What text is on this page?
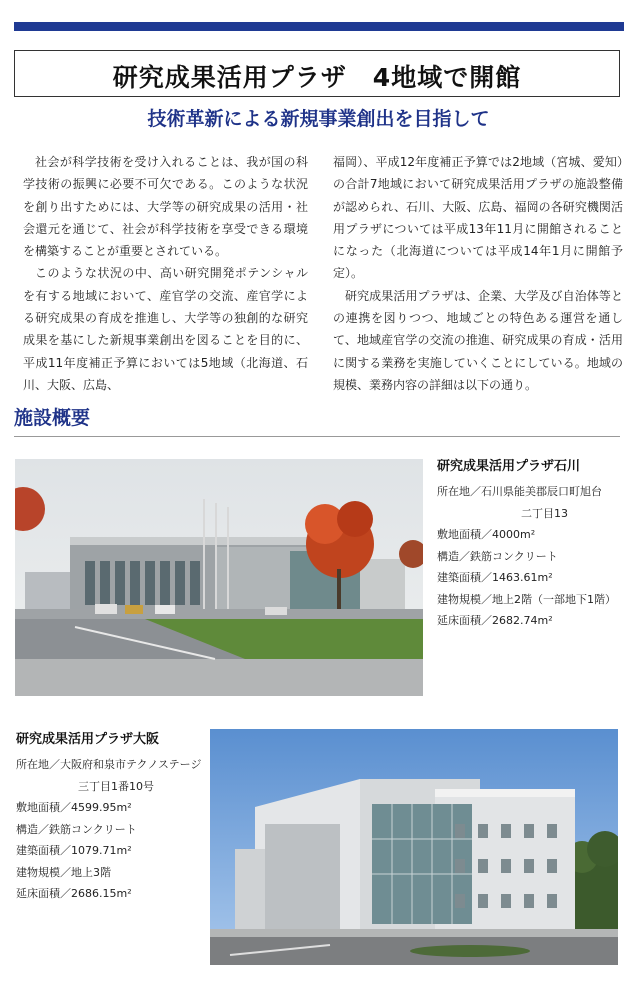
研究成果活用プラザ　4地域で開館
技術革新による新規事業創出を目指して

社会が科学技術を受け入れることは、我が国の科学技術の振興に必要不可欠である。このような状況を創り出すためには、大学等の研究成果の活用・社会還元を通じて、社会が科学技術を享受できる環境を構築することが重要とされている。

このような状況の中、高い研究開発ポテンシャルを有する地域において、産官学の交流、産官学による研究成果の育成を推進し、大学等の独創的な研究成果を基にした新規事業創出を図ることを目的に、平成11年度補正予算においては5地域（北海道、石川、大阪、広島、

福岡）、平成12年度補正予算では2地域（宮城、愛知）の合計7地域において研究成果活用プラザの施設整備が認められ、石川、大阪、広島、福岡の各研究機関活用プラザについては平成13年11月に開館されることになった（北海道については平成14年1月に開館予定）。

研究成果活用プラザは、企業、大学及び自治体等との連携を図りつつ、地域ごとの特色ある運営を通して、地域産官学の交流の推進、研究成果の育成・活用に関する業務を実施していくことにしている。地域の規模、業務内容の詳細は以下の通り。

施設概要
研究成果活用プラザ石川
所在地／石川県能美郡辰口町旭台
二丁目13
敷地面積／4000m²
構造／鉄筋コンクリート
建築面積／1463.61m²
建物規模／地上2階（一部地下1階）
延床面積／2682.74m²
研究成果活用プラザ大阪
所在地／大阪府和泉市テクノステージ
三丁目1番10号
敷地面積／4599.95m²
構造／鉄筋コンクリート
建築面積／1079.71m²
建物規模／地上3階
延床面積／2686.15m²
